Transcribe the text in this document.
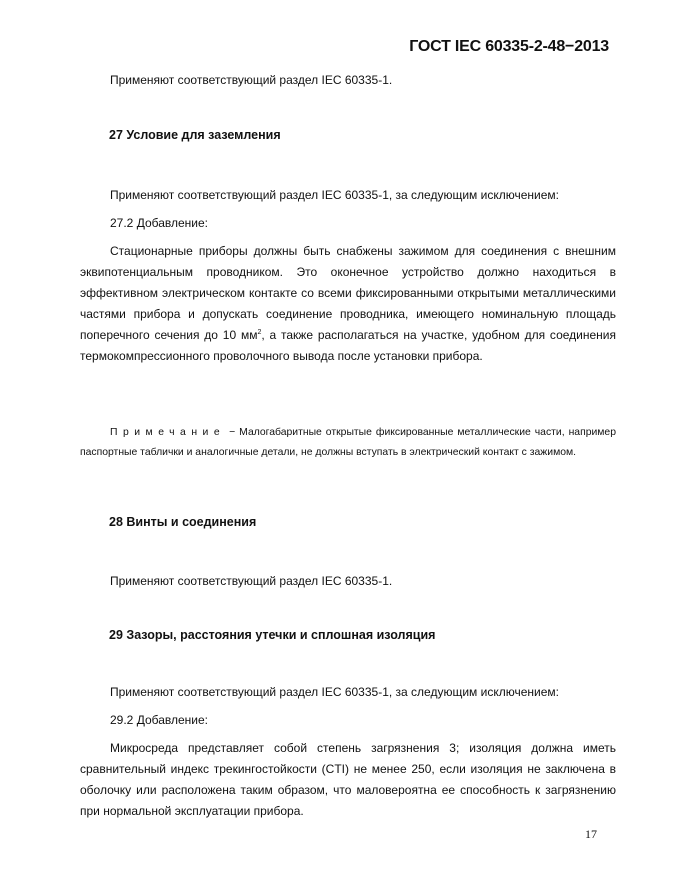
ГОСТ IEC 60335-2-48−2013
Применяют соответствующий раздел IEC 60335-1.
27 Условие для заземления
Применяют соответствующий раздел IEC 60335-1, за следующим исключением:
27.2 Добавление:
Стационарные приборы должны быть снабжены зажимом для соединения с внешним эквипотенциальным проводником. Это оконечное устройство должно находиться в эффективном электрическом контакте со всеми фиксированными открытыми металлическими частями прибора и допускать соединение проводника, имеющего номинальную площадь поперечного сечения до 10 $мм^2$, а также располагаться на участке, удобном для соединения термокомпрессионного проволочного вывода после установки прибора.
Примечание − Малогабаритные открытые фиксированные металлические части, например паспортные таблички и аналогичные детали, не должны вступать в электрический контакт с зажимом.
28 Винты и соединения
Применяют соответствующий раздел IEC 60335-1.
29 Зазоры, расстояния утечки и сплошная изоляция
Применяют соответствующий раздел IEC 60335-1, за следующим исключением:
29.2 Добавление:
Микросреда представляет собой степень загрязнения 3; изоляция должна иметь сравнительный индекс трекингостойкости (CTI) не менее 250, если изоляция не заключена в оболочку или расположена таким образом, что маловероятна ее способность к загрязнению при нормальной эксплуатации прибора.
17
